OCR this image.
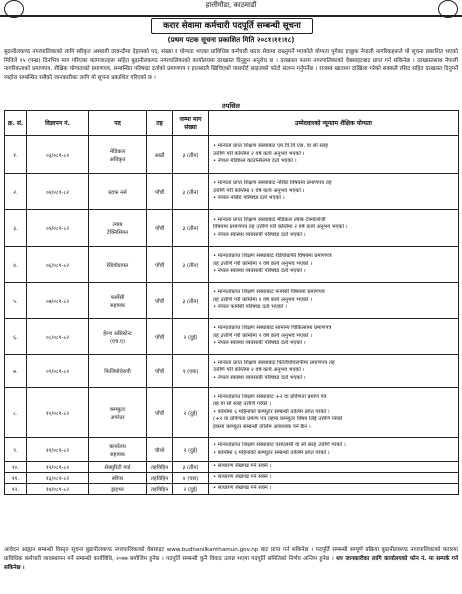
हात्तीगौडा, काठमाडौं
करार सेवामा कर्मचारी पदपूर्ति सम्बन्धी सूचना
(प्रथम पटक सूचना प्रकाशित मिति २०८१।११।१८)
बुढानीलकण्ठ नगरपालिकाको लागि स्वीकृत अस्थायी दरबन्दीमा देहायको पद, संख्या र योग्यता भएका प्राविधिक कर्मचारी करार सेवामा राख्नुपर्ने भएकोले योग्यता पुगेका इच्छुक नेपाली नागरिकहरूले यो सूचना प्रकाशित भएको मितिले १५ (पन्ध्र) दिनभित्र माग गरिएका कागजातहरू सहित बुढानीलकण्ठ नगरपालिकाको कार्यालयमा दरखास्त दिनुहुन अनुरोध छ । दरखास्त फारम नगरपालिकाको वेबसाइटबाट प्राप्त गर्न सकिनेछ । दरखास्तसाथ नेपाली नागरिकताको प्रमाणपत्र, शैक्षिक योग्यताको प्रमाणपत्र, सम्बन्धित परिषद्मा दर्ताको प्रमाणपत्र र हालसालै खिचिएको पासपोर्ट साइजको फोटो संलग्न गर्नुपर्नेछ । राजस्व खातामा दाखिला गरेको सक्कलै रसिद सहित दरखास्त दिनुपर्ने व्यहोरा सम्बन्धित सबैको जानकारीका लागि यो सूचना प्रकाशित गरिएको छ ।
तपसिल
क्र. सं.	विज्ञापन नं.	पद	तह	जम्मा माग संख्या	उम्मेदवारको न्यूनतम शैक्षिक योग्यता
१.	०३/०८१-८२	मेडिकल
अधिकृत	आठौं	३ (तीन)	• मान्यता प्राप्त शिक्षण संस्थाबाट एम.वि.वि.एस. वा सो सरह
उत्तीर्ण गरी कम्तिमा २ वर्ष कार्य अनुभव भएको ।
• नेपाल मेडिकल काउन्सिलमा दर्ता भएको ।

२.	०४/०८१-८२	स्टाफ नर्स	पाँचौं	३ (तीन)	• मान्यता प्राप्त शिक्षण संस्थाबाट नर्सिङ विषयमा प्रमाणपत्र तह
उत्तीर्ण गरी कम्तिमा २ वर्ष कार्य अनुभव भएको ।
• नेपाल नर्सिङ परिषद्मा दर्ता भएको ।

३.	०५/०८१-८२	ल्याब
टेक्निसियन	पाँचौं	३ (तीन)	• मान्यता प्राप्त शिक्षण संस्थाबाट मेडिकल ल्याब टेक्नोलोजी
विषयमा प्रमाणपत्र तह उत्तीर्ण गरी कम्तिमा २ वर्ष कार्य अनुभव भएको ।
• नेपाल स्वास्थ्य व्यवसायी परिषद्मा दर्ता भएको ।

४.	०६/०८१-८२	रेडियोग्राफर	पाँचौं	३ (तीन)	• मान्यताप्राप्त शिक्षण संस्थाबाट रेडियोग्राफी विषयमा प्रमाणपत्र
तह उत्तीर्ण गरी कम्तिमा २ वर्ष कार्य अनुभव भएको ।
• नेपाल स्वास्थ्य व्यवसायी परिषद्मा दर्ता भएको ।

५.	०७/०८१-८२	फार्मेसी
सहायक	पाँचौं	३ (तीन)	• मान्यताप्राप्त शिक्षण संस्थाबाट फार्मेसी विषयमा प्रमाणपत्र
तह उत्तीर्ण गरी कम्तिमा २ वर्ष कार्य अनुभव भएको ।
• नेपाल फार्मेसी परिषद्मा दर्ता भएको ।

६.	०८/०८१-८२	हेल्थ असिस्टेन्ट
(एच.ए)	पाँचौं	२ (दुई)	• मान्यताप्राप्त शिक्षण संस्थाबाट सामान्य चिकित्सामा प्रमाणपत्र
तह उत्तीर्ण गरी कम्तिमा २ वर्ष कार्य अनुभव भएको ।
• नेपाल स्वास्थ्य व्यवसायी परिषद्मा दर्ता भएको ।

७.	०९/०८१-८२	फिजियोथेरापी	पाँचौं	१ (एक)	• मान्यता प्राप्त शिक्षण संस्थाबाट फिजियोथेरापीमा प्रमाणपत्र तह
उत्तीर्ण गरी कम्तिमा २ वर्ष कार्य अनुभव भएको ।
• नेपाल स्वास्थ्य व्यवसायी परिषद्मा दर्ता भएको ।

८.	१०/०८१-८२	कम्प्युटर
अपरेटर	पाँचौं	२ (दुई)	• मान्यताप्राप्त शिक्षण संस्थाबाट +२ वा प्रविणता प्रमाण पत्र
तह वा सो सरह उत्तीर्ण गरेको ।
• कम्तिमा ६ महिनाको कम्प्युटर सम्बन्धी तालिम प्राप्त गरेको ।
(+२ वा प्रविणता प्रमाण पत्र तहमा कम्प्युटर विषय लिई उत्तीर्ण गरेको
हकमा कम्प्युटर सम्बन्धी तालिम आवश्यक पर्ने छैन ।

९.	११/०८१-८२	कार्यालय
सहायक	चौथो	२ (दुई)	• मान्यताप्राप्त शिक्षण संस्थाबाट एसएलसी वा सो सरह उत्तीर्ण गरेको ।
• कम्तिमा ६ महिनाको कम्प्युटर सम्बन्धी तालिम प्राप्त गरेको ।

१०.	१२/०८१-८२	सेक्युरिटी गार्ड	तहविहिन	३ (तीन)	• साधारण लेखपढ गर्न सक्ने ।

११.	१३/०८१-८२	स्वीपर	तहविहिन	४ (चार)	• साधारण लेखपढ गर्न सक्ने ।

१२.	१४/०८१-८२	ड्राइभर	तहविहिन	२ (दुई)	• साधारण लेखपढ गर्न सक्ने ।
आवेदन आह्वान सम्बन्धी विस्तृत सूचना बुढानीलकण्ठ नगरपालिकाको वेबसाइट www.budhanilkanthamun.gov.np बाट प्राप्त गर्न सकिनेछ । पदपूर्ति सम्बन्धी सम्पूर्ण प्रक्रिया बुढानीलकण्ठ नगरपालिकाको करारमा प्राविधिक कर्मचारी व्यवस्थापन गर्ने सम्बन्धी कार्यविधि, २०७७ बमोजिम हुनेछ । पदपूर्ति सम्बन्धी कुनै विवाद उत्पन्न भएमा पदपूर्ति समितिको निर्णय अन्तिम हुनेछ । थप जानकारीका लागि कार्यालयको फोन नं. मा सम्पर्क गर्न सकिनेछ ।
